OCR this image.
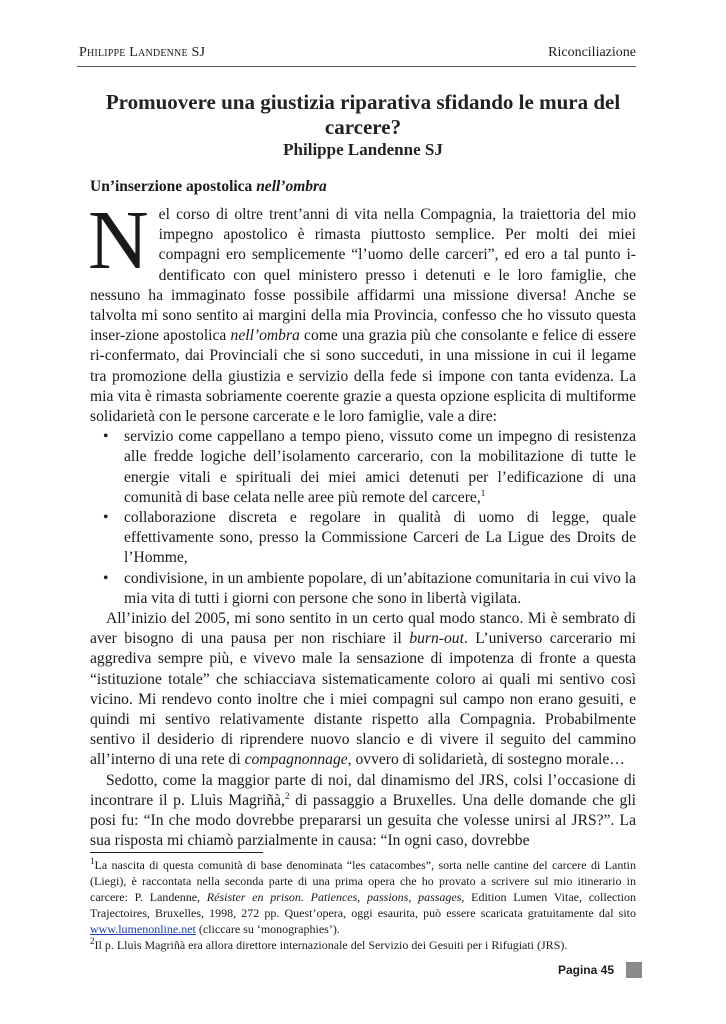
Philippe Landenne SJ	Riconciliazione
Promuovere una giustizia riparativa sfidando le mura del carcere?
Philippe Landenne SJ
Un’inserzione apostolica nell’ombra

Nel corso di oltre trent’anni di vita nella Compagnia, la traiettoria del mio impegno apostolico è rimasta piuttosto semplice. Per molti dei miei compagni ero semplicemente “l’uomo delle carceri”, ed ero a tal punto i-dentificato con quel ministero presso i detenuti e le loro famiglie, che nessuno ha immaginato fosse possibile affidarmi una missione diversa! Anche se talvolta mi sono sentito ai margini della mia Provincia, confesso che ho vissuto questa inser-zione apostolica nell’ombra come una grazia più che consolante e felice di essere ri-confermato, dai Provinciali che si sono succeduti, in una missione in cui il legame tra promozione della giustizia e servizio della fede si impone con tanta evidenza. La mia vita è rimasta sobriamente coerente grazie a questa opzione esplicita di multiforme solidarietà con le persone carcerate e le loro famiglie, vale a dire:

• servizio come cappellano a tempo pieno, vissuto come un impegno di resistenza alle fredde logiche dell’isolamento carcerario, con la mobilitazione di tutte le energie vitali e spirituali dei miei amici detenuti per l’edificazione di una comunità di base celata nelle aree più remote del carcere,$^1$
• collaborazione discreta e regolare in qualità di uomo di legge, quale effettivamente sono, presso la Commissione Carceri de La Ligue des Droits de l’Homme,
• condivisione, in un ambiente popolare, di un’abitazione comunitaria in cui vivo la mia vita di tutti i giorni con persone che sono in libertà vigilata.

All’inizio del 2005, mi sono sentito in un certo qual modo stanco. Mi è sembrato di aver bisogno di una pausa per non rischiare il burn-out. L’universo carcerario mi aggrediva sempre più, e vivevo male la sensazione di impotenza di fronte a questa “istituzione totale” che schiacciava sistematicamente coloro ai quali mi sentivo così vicino. Mi rendevo conto inoltre che i miei compagni sul campo non erano gesuiti, e quindi mi sentivo relativamente distante rispetto alla Compagnia. Probabilmente sentivo il desiderio di riprendere nuovo slancio e di vivere il seguito del cammino all’interno di una rete di compagnonnage, ovvero di solidarietà, di sostegno morale…

Sedotto, come la maggior parte di noi, dal dinamismo del JRS, colsi l’occasione di incontrare il p. Lluìs Magriñà,$^2$ di passaggio a Bruxelles. Una delle domande che gli posi fu: “In che modo dovrebbe prepararsi un gesuita che volesse unirsi al JRS?”. La sua risposta mi chiamò parzialmente in causa: “In ogni caso, dovrebbe

$^1$La nascita di questa comunità di base denominata “les catacombes”, sorta nelle cantine del carcere di Lantin (Liegi), è raccontata nella seconda parte di una prima opera che ho provato a scrivere sul mio itinerario in carcere: P. Landenne, Résister en prison. Patiences, passions, passages, Edition Lumen Vitae, collection Trajectoires, Bruxelles, 1998, 272 pp. Quest’opera, oggi esaurita, può essere scaricata gratuitamente dal sito www.lumenonline.net (cliccare su ‘monographies’).

$^2$Il p. Lluìs Magriñà era allora direttore internazionale del Servizio dei Gesuiti per i Rifugiati (JRS).

Pagina 45
